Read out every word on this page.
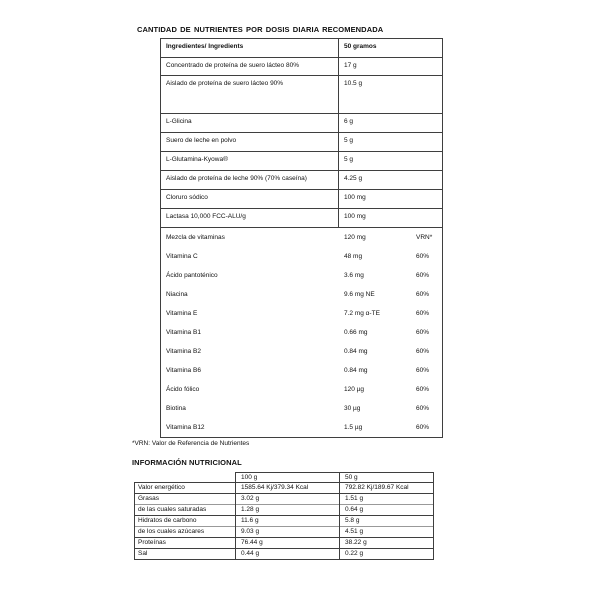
CANTIDAD DE NUTRIENTES POR DOSIS DIARIA RECOMENDADA
Ingredientes/ Ingredients	50 gramos
Concentrado de proteína de suero lácteo 80%	17 g
Aislado de proteína de suero lácteo 90%	10.5 g
L-Glicina	6 g
Suero de leche en polvo	5 g
L-Glutamina-Kyowa®	5 g
Aislado de proteína de leche 90% (70% caseína)	4.25 g
Cloruro sódico	100 mg
Lactasa 10,000 FCC-ALU/g	100 mg

Mezcla de vitaminas	120 mg	VRN*
Vitamina C	48 mg	60%
Ácido pantoténico	3.6 mg	60%
Niacina	9.6 mg NE	60%
Vitamina E	7.2 mg α-TE	60%
Vitamina B1	0.66 mg	60%
Vitamina B2	0.84 mg	60%
Vitamina B6	0.84 mg	60%
Ácido fólico	120 µg	60%
Biotina	30 µg	60%
Vitamina B12	1.5 µg	60%
*VRN: Valor de Referencia de Nutrientes
INFORMACIÓN NUTRICIONAL
	100 g	50 g
Valor energético	1585.64 Kj/379.34 Kcal	792.82 Kj/189.67 Kcal
Grasas	3.02 g	1.51 g
de las cuales saturadas	1.28 g	0.64 g
Hidratos de carbono	11.6 g	5.8 g
de los cuales azúcares	9.03 g	4.51 g
Proteínas	76.44 g	38.22 g
Sal	0.44 g	0.22 g
